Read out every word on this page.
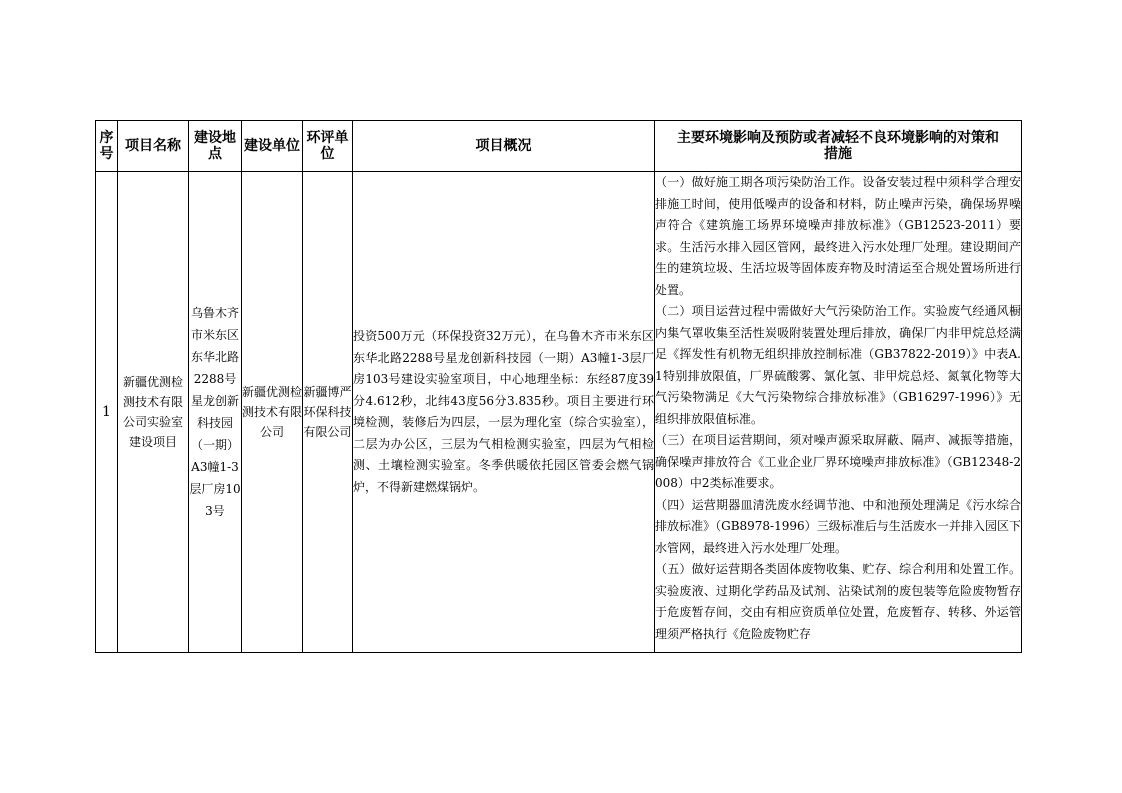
序号	项目名称	建设地点	建设单位	环评单位	项目概况	主要环境影响及预防或者减轻不良环境影响的对策和措施
1	新疆优测检测技术有限公司实验室建设项目	乌鲁木齐市米东区东华北路2288号星龙创新科技园（一期）A3幢1-3层厂房103号	新疆优测检测技术有限公司	新疆博严环保科技有限公司	投资500万元（环保投资32万元），在乌鲁木齐市米东区东华北路2288号星龙创新科技园（一期）A3幢1-3层厂房103号建设实验室项目，中心地理坐标：东经87度39分4.612秒，北纬43度56分3.835秒。项目主要进行环境检测，装修后为四层，一层为理化室（综合实验室），二层为办公区，三层为气相检测实验室，四层为气相检测、土壤检测实验室。冬季供暖依托园区管委会燃气锅炉，不得新建燃煤锅炉。	（一）做好施工期各项污染防治工作。设备安装过程中须科学合理安排施工时间，使用低噪声的设备和材料，防止噪声污染，确保场界噪声符合《建筑施工场界环境噪声排放标准》（GB12523-2011）要求。生活污水排入园区管网，最终进入污水处理厂处理。建设期间产生的建筑垃圾、生活垃圾等固体废弃物及时清运至合规处置场所进行处置。

（二）项目运营过程中需做好大气污染防治工作。实验废气经通风橱内集气罩收集至活性炭吸附装置处理后排放，确保厂内非甲烷总烃满足《挥发性有机物无组织排放控制标准（GB37822-2019）》中表A.1特别排放限值，厂界硫酸雾、氯化氢、非甲烷总烃、氮氧化物等大气污染物满足《大气污染物综合排放标准》（GB16297-1996）》无组织排放限值标准。

（三）在项目运营期间，须对噪声源采取屏蔽、隔声、减振等措施，确保噪声排放符合《工业企业厂界环境噪声排放标准》（GB12348-2008）中2类标准要求。

（四）运营期器皿清洗废水经调节池、中和池预处理满足《污水综合排放标准》（GB8978-1996）三级标准后与生活废水一并排入园区下水管网，最终进入污水处理厂处理。

（五）做好运营期各类固体废物收集、贮存、综合利用和处置工作。实验废液、过期化学药品及试剂、沾染试剂的废包装等危险废物暂存于危废暂存间，交由有相应资质单位处置，危废暂存、转移、外运管理须严格执行《危险废物贮存
